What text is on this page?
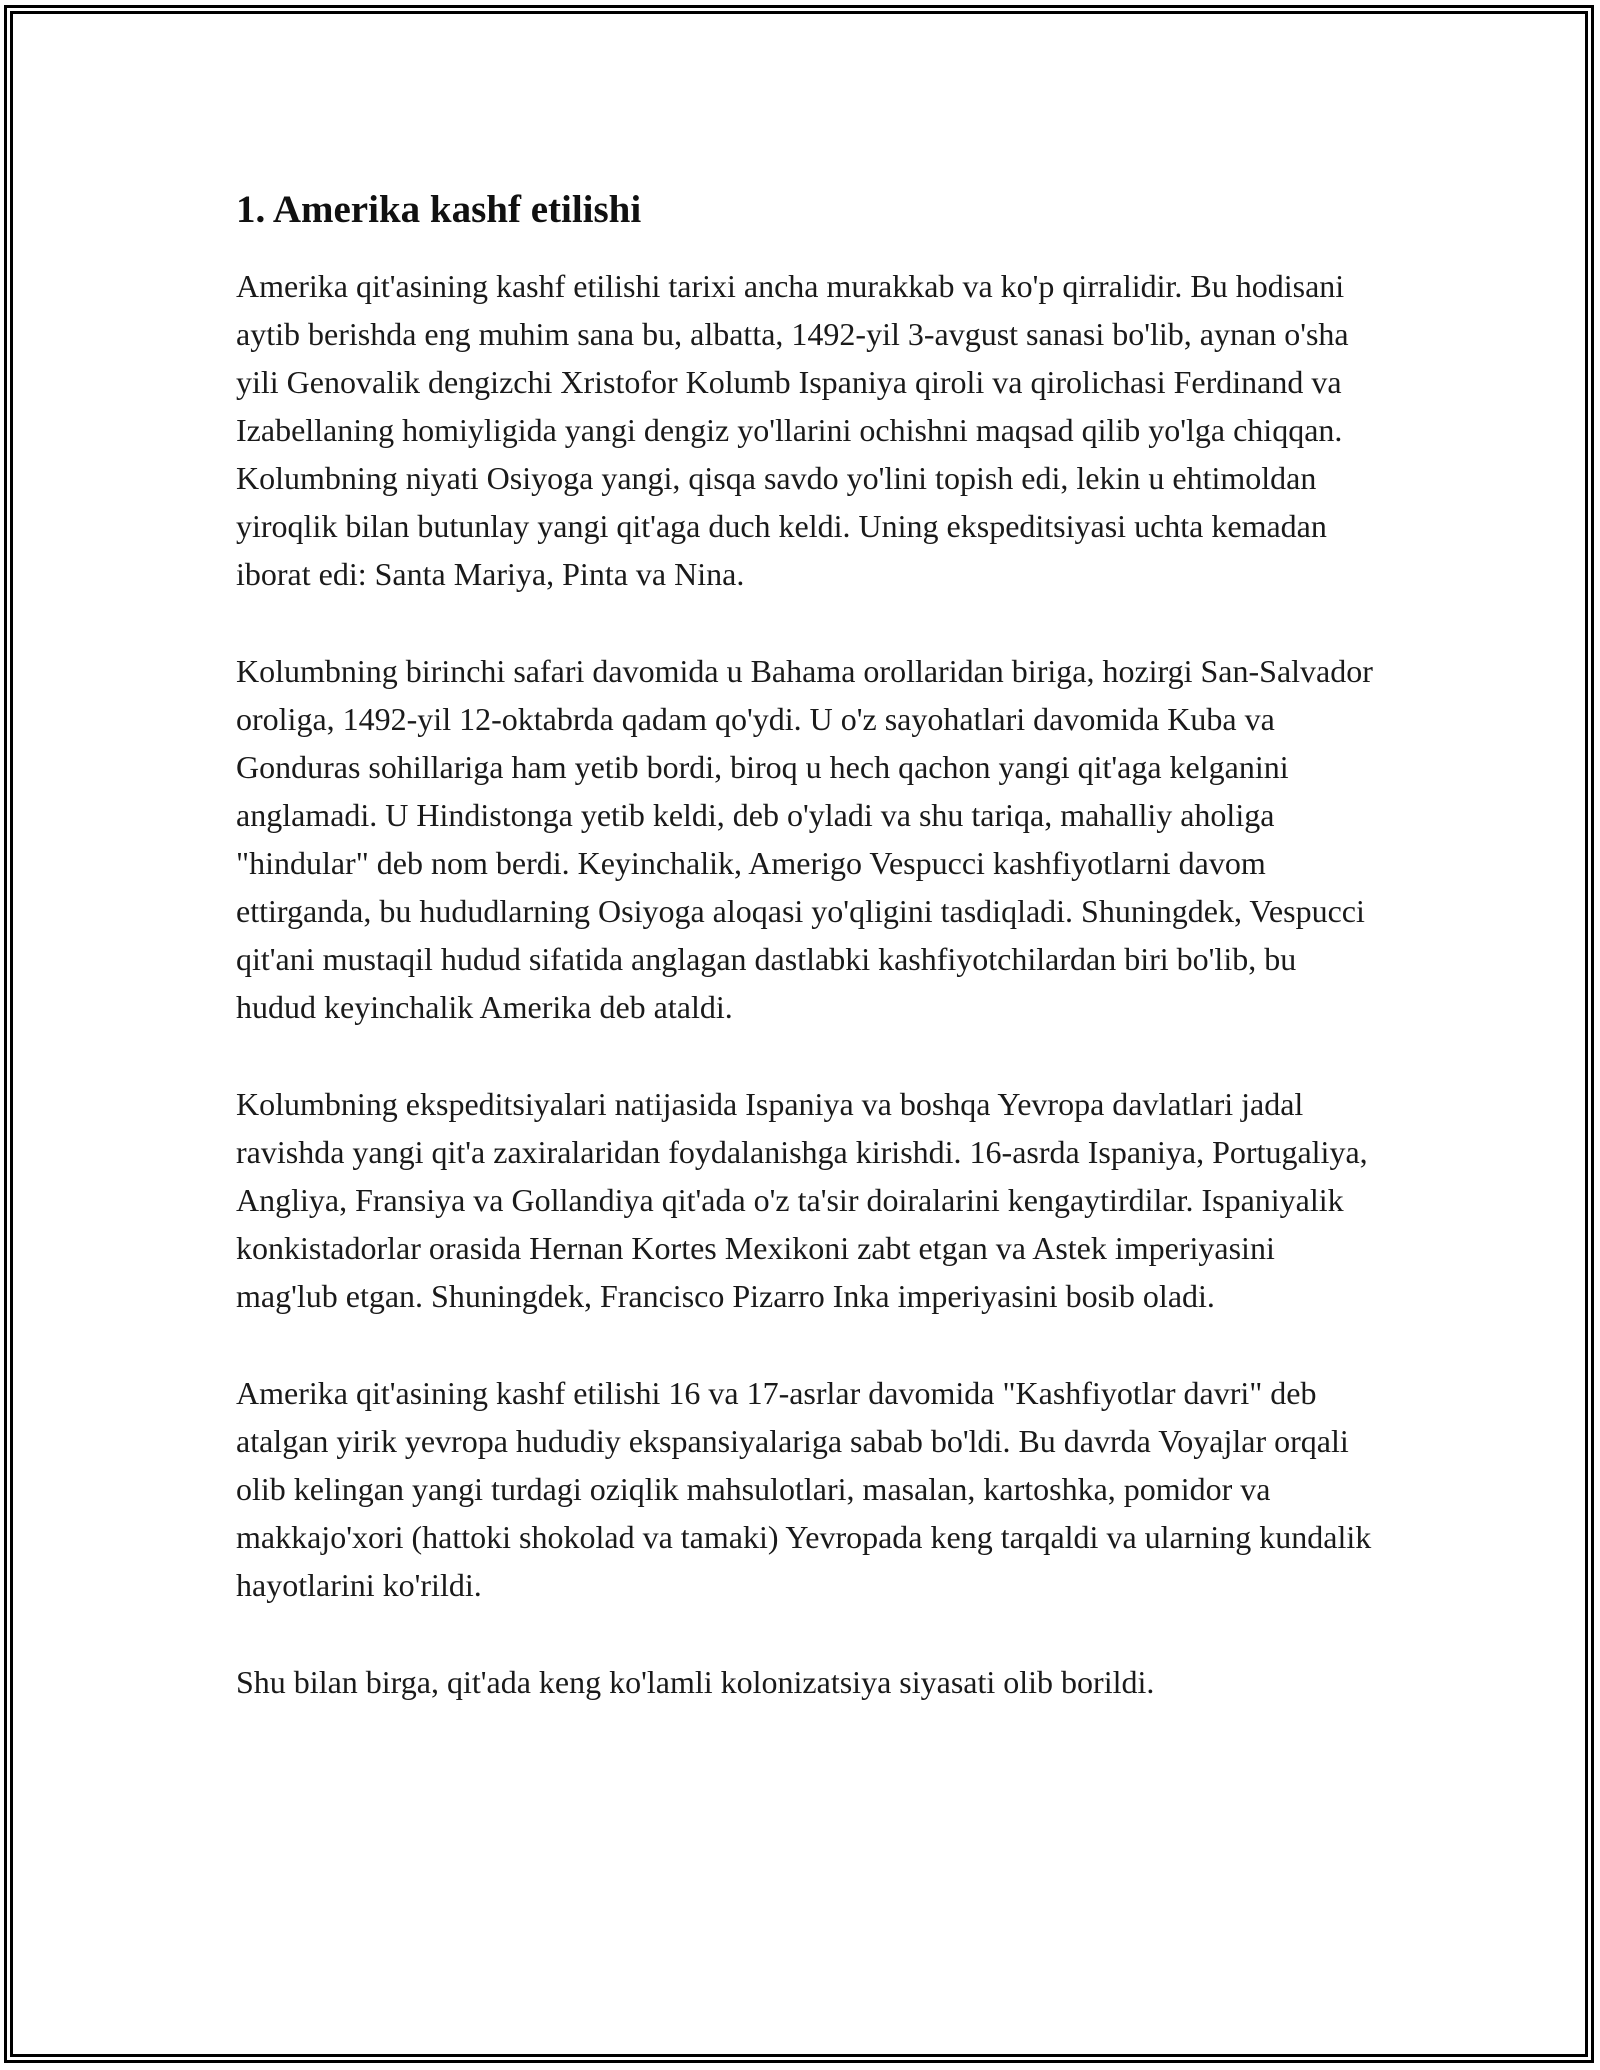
1. Amerika kashf etilishi

Amerika qit'asining kashf etilishi tarixi ancha murakkab va ko'p qirralidir. Bu hodisani aytib berishda eng muhim sana bu, albatta, 1492-yil 3-avgust sanasi bo'lib, aynan o'sha yili Genovalik dengizchi Xristofor Kolumb Ispaniya qiroli va qirolichasi Ferdinand va Izabellaning homiyligida yangi dengiz yo'llarini ochishni maqsad qilib yo'lga chiqqan. Kolumbning niyati Osiyoga yangi, qisqa savdo yo'lini topish edi, lekin u ehtimoldan yiroqlik bilan butunlay yangi qit'aga duch keldi. Uning ekspeditsiyasi uchta kemadan iborat edi: Santa Mariya, Pinta va Nina.

Kolumbning birinchi safari davomida u Bahama orollaridan biriga, hozirgi San-Salvador oroliga, 1492-yil 12-oktabrda qadam qo'ydi. U o'z sayohatlari davomida Kuba va Gonduras sohillariga ham yetib bordi, biroq u hech qachon yangi qit'aga kelganini anglamadi. U Hindistonga yetib keldi, deb o'yladi va shu tariqa, mahalliy aholiga "hindular" deb nom berdi. Keyinchalik, Amerigo Vespucci kashfiyotlarni davom ettirganda, bu hududlarning Osiyoga aloqasi yo'qligini tasdiqladi. Shuningdek, Vespucci qit'ani mustaqil hudud sifatida anglagan dastlabki kashfiyotchilardan biri bo'lib, bu hudud keyinchalik Amerika deb ataldi.

Kolumbning ekspeditsiyalari natijasida Ispaniya va boshqa Yevropa davlatlari jadal ravishda yangi qit'a zaxiralaridan foydalanishga kirishdi. 16-asrda Ispaniya, Portugaliya, Angliya, Fransiya va Gollandiya qit'ada o'z ta'sir doiralarini kengaytirdilar. Ispaniyalik konkistadorlar orasida Hernan Kortes Mexikoni zabt etgan va Astek imperiyasini mag'lub etgan. Shuningdek, Francisco Pizarro Inka imperiyasini bosib oladi.

Amerika qit'asining kashf etilishi 16 va 17-asrlar davomida "Kashfiyotlar davri" deb atalgan yirik yevropa hududiy ekspansiyalariga sabab bo'ldi. Bu davrda Voyajlar orqali olib kelingan yangi turdagi oziqlik mahsulotlari, masalan, kartoshka, pomidor va makkajo'xori (hattoki shokolad va tamaki) Yevropada keng tarqaldi va ularning kundalik hayotlarini ko'rildi.

Shu bilan birga, qit'ada keng ko'lamli kolonizatsiya siyasati olib borildi.
